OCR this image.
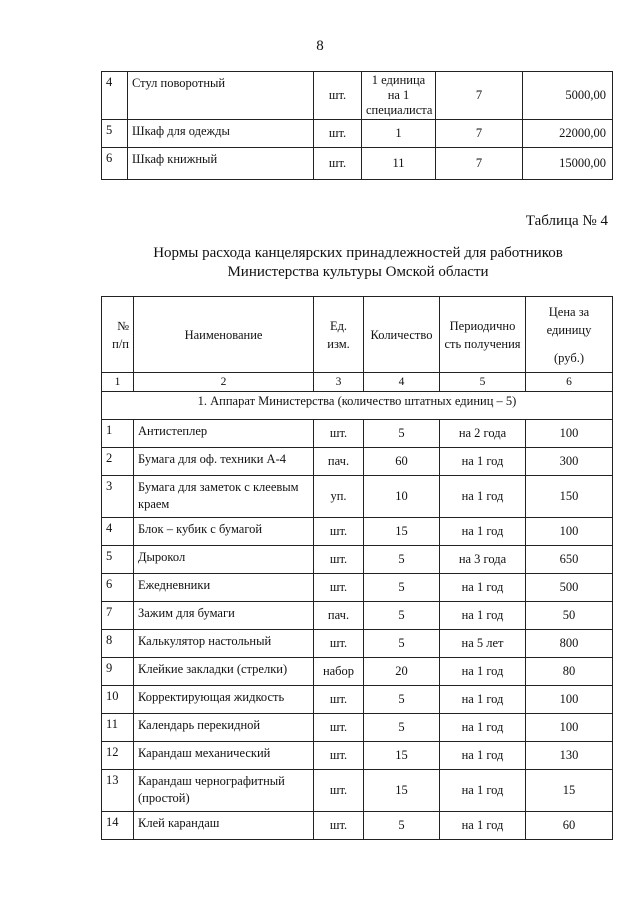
8
4	Стул поворотный	шт.	1 единица на 1 специалиста	7	5000,00
5	Шкаф для одежды	шт.	1	7	22000,00
6	Шкаф книжный	шт.	11	7	15000,00
Таблица № 4
Нормы расхода канцелярских принадлежностей для работников
Министерства культуры Омской области
№ п/п	Наименование	Ед. изм.	Количество	Периодично сть получения	Цена за единицу
(руб.)

1	2	3	4	5	6
1. Аппарат Министерства (количество штатных единиц – 5)					
1	Антистеплер	шт.	5	на 2 года	100
2	Бумага для оф. техники А-4	пач.	60	на 1 год	300
3	Бумага для заметок с клеевым краем	уп.	10	на 1 год	150
4	Блок – кубик с бумагой	шт.	15	на 1 год	100
5	Дырокол	шт.	5	на 3 года	650
6	Ежедневники	шт.	5	на 1 год	500
7	Зажим для бумаги	пач.	5	на 1 год	50
8	Калькулятор настольный	шт.	5	на 5 лет	800
9	Клейкие закладки (стрелки)	набор	20	на 1 год	80
10	Корректирующая жидкость	шт.	5	на 1 год	100
11	Календарь перекидной	шт.	5	на 1 год	100
12	Карандаш механический	шт.	15	на 1 год	130
13	Карандаш чернографитный (простой)	шт.	15	на 1 год	15
14	Клей карандаш	шт.	5	на 1 год	60
